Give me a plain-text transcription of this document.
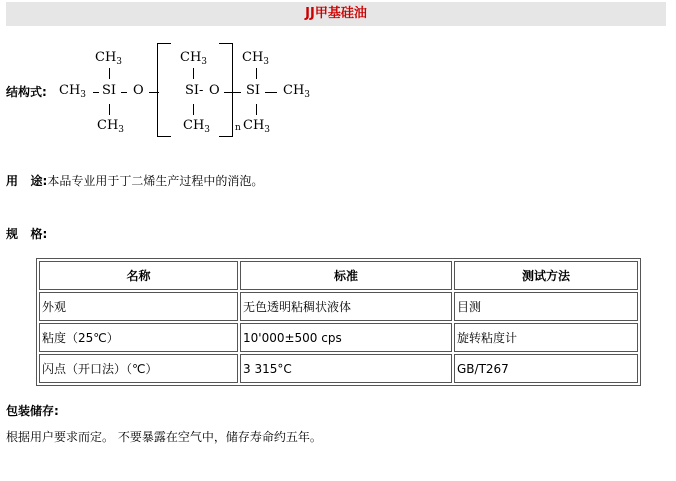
JJ甲基硅油
结构式:
$CH_3$
$CH_3$ SI O
$CH_3$
$CH_3$
SI- O
$CH_3$	n
$CH_3$
SI $CH_3$
$CH_3$
用   途:本品专业用于丁二烯生产过程中的消泡。
规   格:
名称	标准	测试方法
外观	无色透明粘稠状液体	目测
粘度（25℃）	10'000±500 cps	旋转粘度计
闪点（开口法）（℃）	3 315°C	GB/T267
包装储存:
根据用户要求而定。 不要暴露在空气中，储存寿命约五年。
